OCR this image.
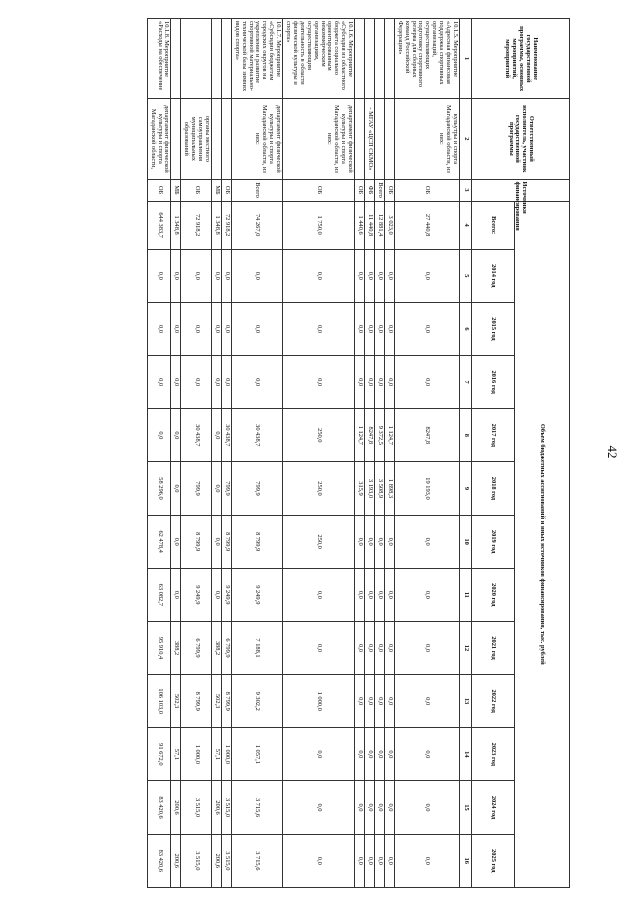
42
Наименование государственной программы, основных мероприятий, мероприятий	Ответственный исполнитель, участник государственной программы	Источники финансирования	Объем бюджетных ассигнований и иных источников финансирования, тыс. рублей												
			Всего:	2014 год	2015 год	2016 год	2017 год	2018 год	2019 год	2020 год	2021 год	2022 год	2023 год	2024 год	2025 год
1	2	3	4	5	6	7	8	9	10	11	12	13	14	15	16
10.1.5. Мероприятие «Адресная финансовая поддержка спортивных организаций, осуществляющих подготовку спортивного резерва для сборных команд Российской Федерации»	кульутры и спорта Магаданской области, из них:	ОБ	27 440,8	0,0	0,0	0,0	8247,8	19 193,0	0,0	0,0	0,0	0,0	0,0	0,0	0,0
		ОБ	3 023,0	0,0	0,0	0,0	1 124,7	1 898,3	0,0	0,0	0,0	0,0	0,0	0,0	0,0
		Всего	12 881,4	0,0	0,0	0,0	9 372,5	3 508,9	0,0	0,0	0,0	0,0	0,0	0,0	0,0
	- МГАУ «ЦСП СКМО»	ФБ	11 440,8	0,0	0,0	0,0	8247,8	3 193,0	0,0	0,0	0,0	0,0	0,0	0,0	0,0
		ОБ	1 440,6	0,0	0,0	0,0	1 124,7	315,9	0,0	0,0	0,0	0,0	0,0	0,0	0,0
10.1.6. Мероприятие «Субсидия из областного бюджета социально ориентированным некоммерческим организациям, осуществляющим деятельность в области физической культуры и спорта»	департамент физической культуры и спорта Магаданской области, из них:	ОБ	1 750,0	0,0	0,0	0,0	250,0	250,0	250,0	0,0	0,0	1 000,0	0,0	0,0	0,0
10.1.7. Мероприятие «Субсидии бюджетам городских округов на укрепление и развитие спортивной материально-технической базы зимних видов спорта»	департамент физической культуры и спорта Магаданской области, из них:	Всего	74 267,0	0,0	0,0	0,0	30 438,7	799,9	8 799,9	9 249,9	7 188,1	9 302,2	1 057,1	3 715,6	3 715,6
		ОБ	72 918,2	0,0	0,0	0,0	30 438,7	799,9	8 799,9	9 249,9	6 799,9	8 799,9	1 000,0	3 515,0	3 515,0
		МБ	1 348,8	0,0	0,0	0,0	0,0	0,0	0,0	0,0	388,2	502,3	57,1	200,6	200,6
	органы местного самоуправления муниципальных образований	ОБ	72 918,2	0,0	0,0	0,0	30 438,7	799,9	8 799,9	9 249,9	6 799,9	8 799,9	1 000,0	3 515,0	3 515,0
		МБ	1 348,8	0,0	0,0	0,0	0,0	0,0	0,0	0,0	388,2	502,3	57,1	200,6	200,6
10.1.8. Мероприятие «Расходы на обеспечение	департамент физической культуры и спорта Магаданской области,	ОБ	644 383,7	0,0	0,0	0,0	0,0	58 296,0	62 478,4	63 082,7	95 910,4	106 103,0	91 672,0	83 420,6	83 420,6
